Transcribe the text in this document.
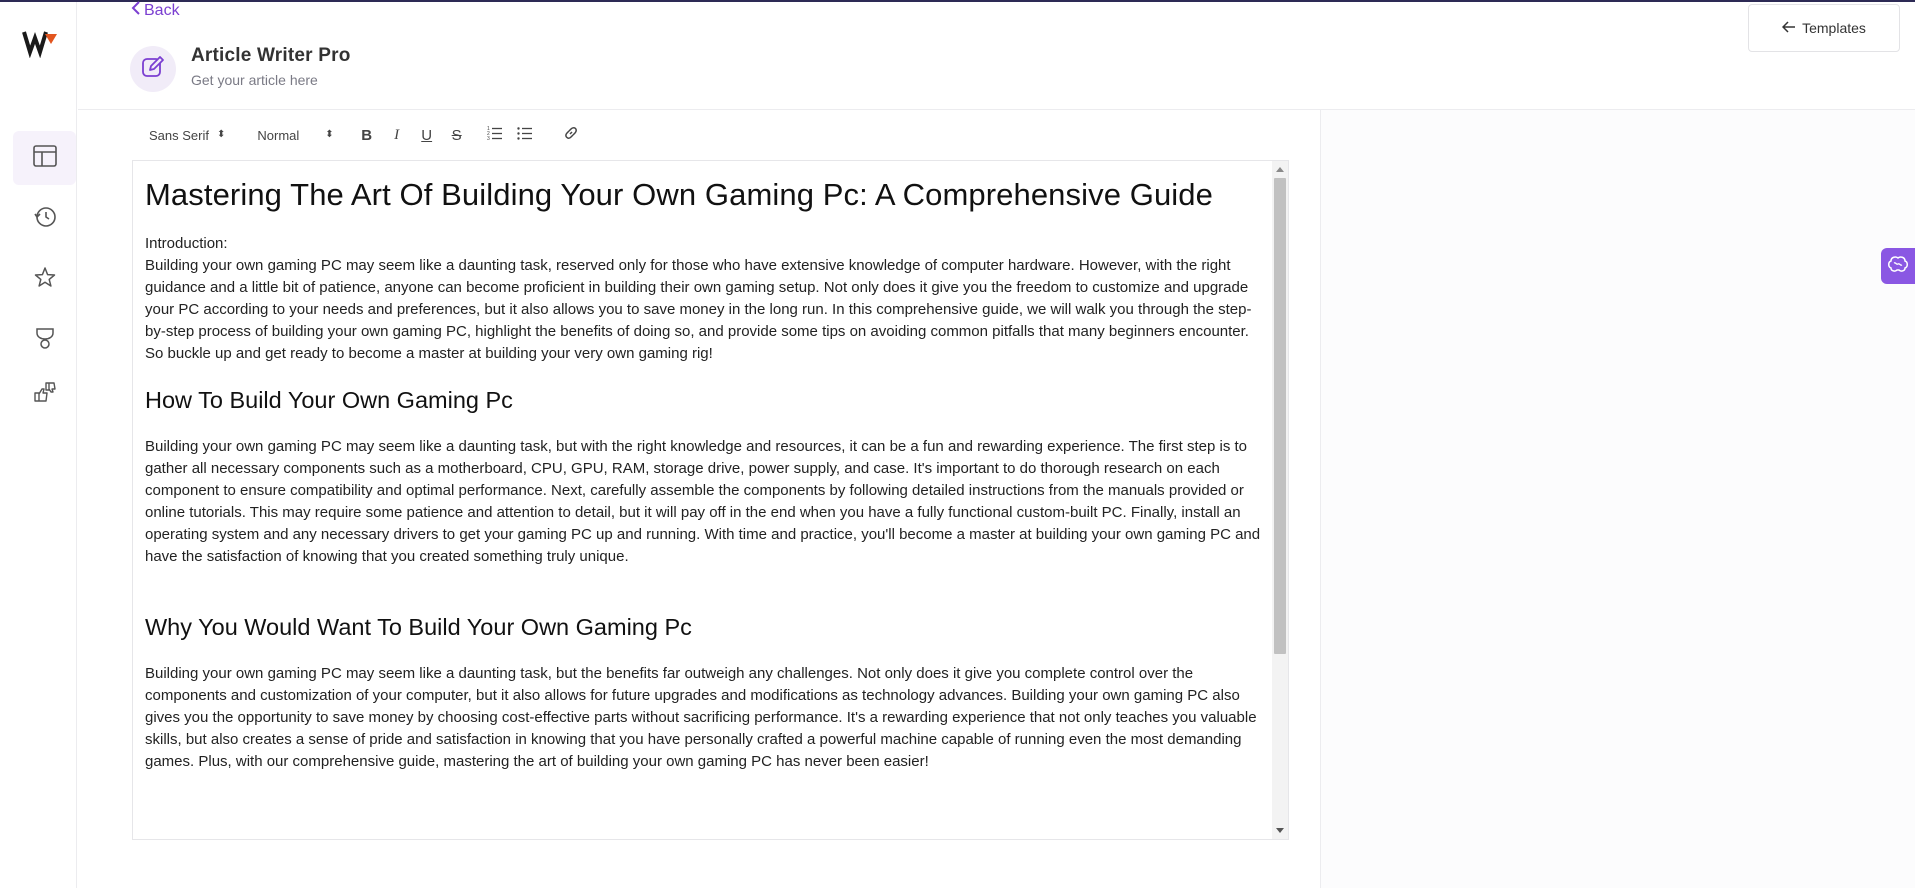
Back
Article Writer Pro
Get your article here
Templates
Sans Serif ⬍ Normal	⬍ B I U S	1
2
3
Mastering The Art Of Building Your Own Gaming Pc: A Comprehensive Guide

Introduction:

Building your own gaming PC may seem like a daunting task, reserved only for those who have extensive knowledge of computer hardware. However, with the right guidance and a little bit of patience, anyone can become proficient in building their own gaming setup. Not only does it give you the freedom to customize and upgrade your PC according to your needs and preferences, but it also allows you to save money in the long run. In this comprehensive guide, we will walk you through the step-by-step process of building your own gaming PC, highlight the benefits of doing so, and provide some tips on avoiding common pitfalls that many beginners encounter. So buckle up and get ready to become a master at building your very own gaming rig!

How To Build Your Own Gaming Pc

Building your own gaming PC may seem like a daunting task, but with the right knowledge and resources, it can be a fun and rewarding experience. The first step is to gather all necessary components such as a motherboard, CPU, GPU, RAM, storage drive, power supply, and case. It's important to do thorough research on each component to ensure compatibility and optimal performance. Next, carefully assemble the components by following detailed instructions from the manuals provided or online tutorials. This may require some patience and attention to detail, but it will pay off in the end when you have a fully functional custom-built PC. Finally, install an operating system and any necessary drivers to get your gaming PC up and running. With time and practice, you'll become a master at building your own gaming PC and have the satisfaction of knowing that you created something truly unique.

Why You Would Want To Build Your Own Gaming Pc

Building your own gaming PC may seem like a daunting task, but the benefits far outweigh any challenges. Not only does it give you complete control over the components and customization of your computer, but it also allows for future upgrades and modifications as technology advances. Building your own gaming PC also gives you the opportunity to save money by choosing cost-effective parts without sacrificing performance. It's a rewarding experience that not only teaches you valuable skills, but also creates a sense of pride and satisfaction in knowing that you have personally crafted a powerful machine capable of running even the most demanding games. Plus, with our comprehensive guide, mastering the art of building your own gaming PC has never been easier!
